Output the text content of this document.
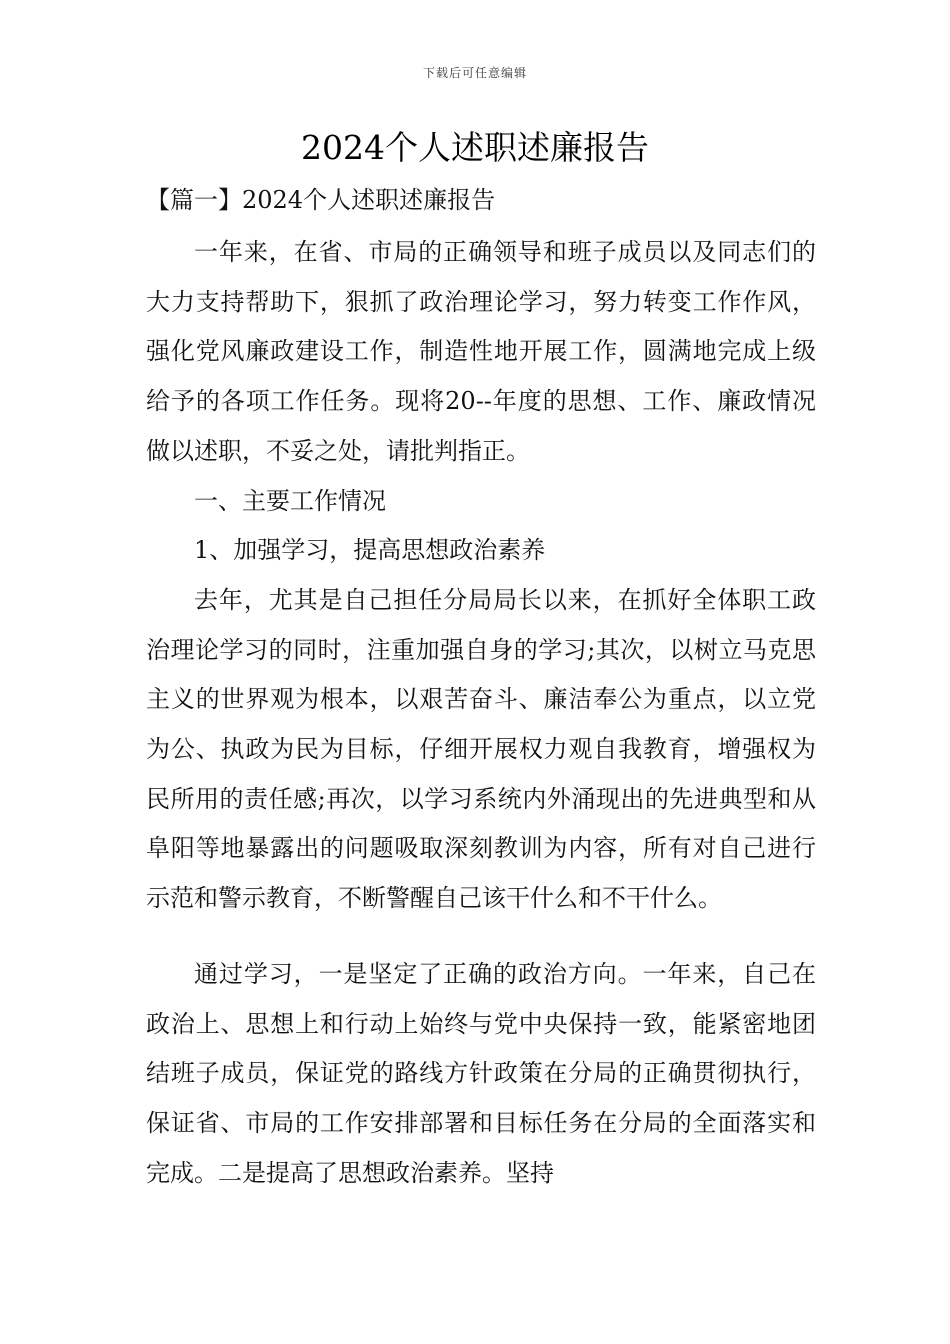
下载后可任意编辑
2024个人述职述廉报告
【篇一】2024个人述职述廉报告

一年来，在省、市局的正确领导和班子成员以及同志们的大力支持帮助下，狠抓了政治理论学习，努力转变工作作风，强化党风廉政建设工作，制造性地开展工作，圆满地完成上级给予的各项工作任务。现将20--年度的思想、工作、廉政情况做以述职，不妥之处，请批判指正。

一、主要工作情况

1、加强学习，提高思想政治素养

去年，尤其是自己担任分局局长以来，在抓好全体职工政治理论学习的同时，注重加强自身的学习;其次，以树立马克思主义的世界观为根本，以艰苦奋斗、廉洁奉公为重点，以立党为公、执政为民为目标，仔细开展权力观自我教育，增强权为民所用的责任感;再次，以学习系统内外涌现出的先进典型和从阜阳等地暴露出的问题吸取深刻教训为内容，所有对自己进行示范和警示教育，不断警醒自己该干什么和不干什么。

通过学习，一是坚定了正确的政治方向。一年来，自己在政治上、思想上和行动上始终与党中央保持一致，能紧密地团结班子成员，保证党的路线方针政策在分局的正确贯彻执行，保证省、市局的工作安排部署和目标任务在分局的全面落实和完成。二是提高了思想政治素养。坚持
